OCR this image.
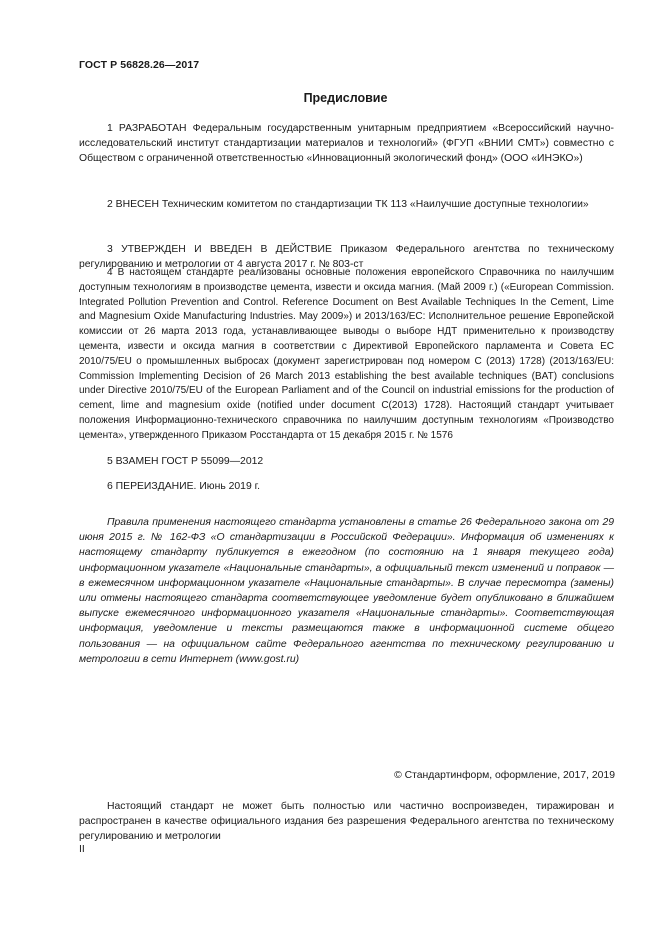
ГОСТ Р 56828.26—2017
Предисловие

1 РАЗРАБОТАН Федеральным государственным унитарным предприятием «Всероссийский научно-исследовательский институт стандартизации материалов и технологий» (ФГУП «ВНИИ СМТ») совместно с Обществом с ограниченной ответственностью «Инновационный экологический фонд» (ООО «ИНЭКО»)

2 ВНЕСЕН Техническим комитетом по стандартизации ТК 113 «Наилучшие доступные технологии»

3 УТВЕРЖДЕН И ВВЕДЕН В ДЕЙСТВИЕ Приказом Федерального агентства по техническому регулированию и метрологии от 4 августа 2017 г. № 803-ст

4 В настоящем стандарте реализованы основные положения европейского Справочника по наилучшим доступным технологиям в производстве цемента, извести и оксида магния. (Май 2009 г.) («European Commission. Integrated Pollution Prevention and Control. Reference Document on Best Available Techniques In the Cement, Lime and Magnesium Oxide Manufacturing Industries. May 2009») и 2013/163/EC: Исполнительное решение Европейской комиссии от 26 марта 2013 года, устанавливающее выводы о выборе НДТ применительно к производству цемента, извести и оксида магния в соответствии с Директивой Европейского парламента и Совета ЕС 2010/75/EU о промышленных выбросах (документ зарегистрирован под номером C (2013) 1728) (2013/163/EU: Commission Implementing Decision of 26 March 2013 establishing the best available techniques (BAT) conclusions under Directive 2010/75/EU of the European Parliament and of the Council on industrial emissions for the production of cement, lime and magnesium oxide (notified under document C(2013) 1728). Настоящий стандарт учитывает положения Информационно-технического справочника по наилучшим доступным технологиям «Производство цемента», утвержденного Приказом Росстандарта от 15 декабря 2015 г. № 1576

5 ВЗАМЕН ГОСТ Р 55099—2012

6 ПЕРЕИЗДАНИЕ. Июнь 2019 г.

Правила применения настоящего стандарта установлены в статье 26 Федерального закона от 29 июня 2015 г. № 162-ФЗ «О стандартизации в Российской Федерации». Информация об изменениях к настоящему стандарту публикуется в ежегодном (по состоянию на 1 января текущего года) информационном указателе «Национальные стандарты», а официальный текст изменений и поправок — в ежемесячном информационном указателе «Национальные стандарты». В случае пересмотра (замены) или отмены настоящего стандарта соответствующее уведомление будет опубликовано в ближайшем выпуске ежемесячного информационного указателя «Национальные стандарты». Соответствующая информация, уведомление и тексты размещаются также в информационной системе общего пользования — на официальном сайте Федерального агентства по техническому регулированию и метрологии в сети Интернет (www.gost.ru)

© Стандартинформ, оформление, 2017, 2019

Настоящий стандарт не может быть полностью или частично воспроизведен, тиражирован и распространен в качестве официального издания без разрешения Федерального агентства по техническому регулированию и метрологии

II
